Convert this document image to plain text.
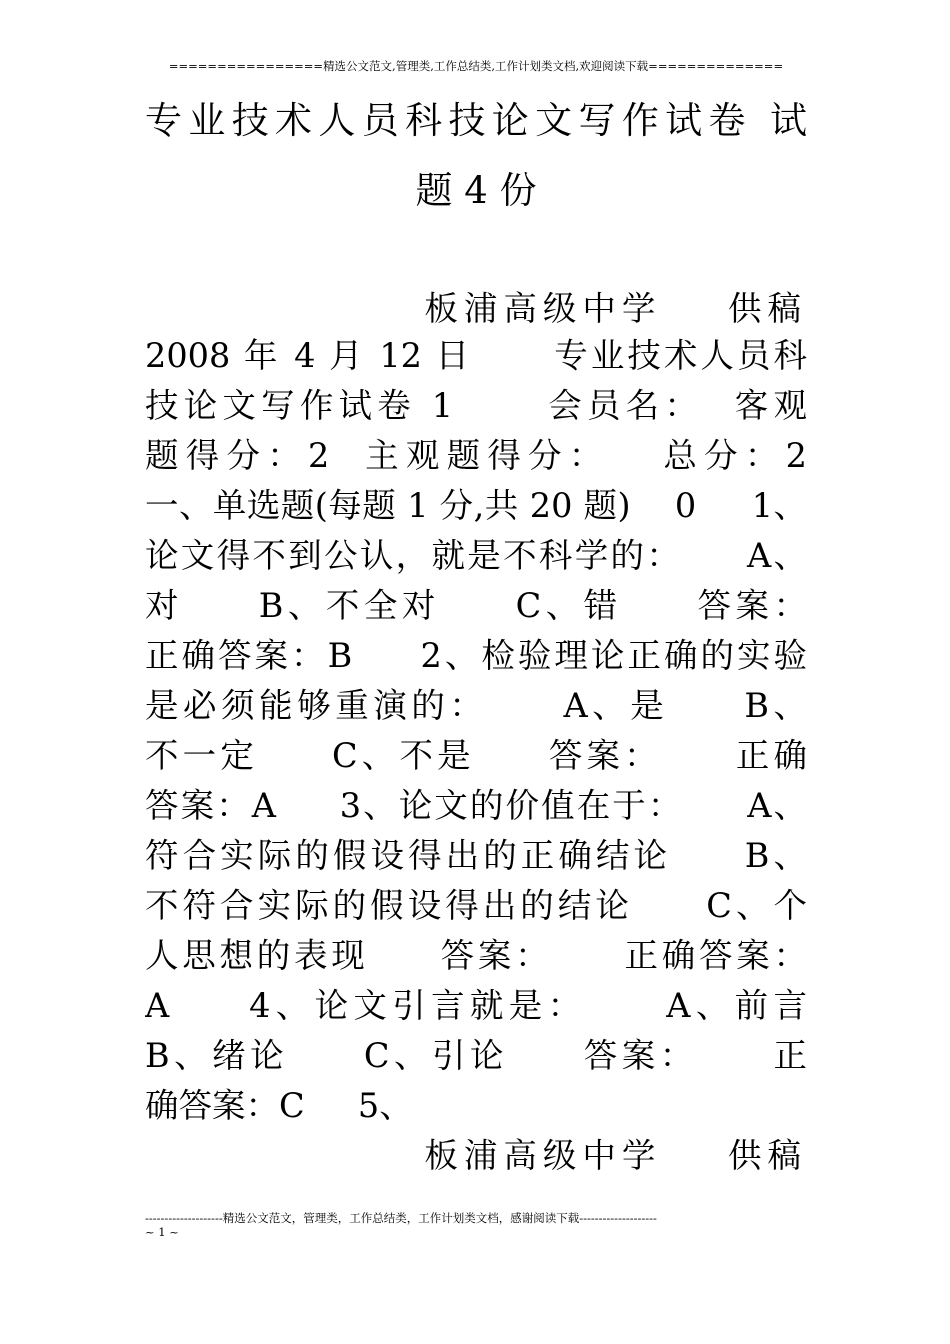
================精选公文范文,管理类,工作总结类,工作计划类文档,欢迎阅读下载==============
专业技术人员科技论文写作试卷 试
题 4 份
板浦高级中学    供稿
2008 年 4 月 12 日      专业技术人员科
技论文写作试卷 1      会员名：  客观
题得分：2  主观题得分：   总分：2
一、单选题(每题 1 分,共 20 题)    0     1、
论文得不到公认，就是不科学的：     A、
对     B、不全对     C、错     答案：
正确答案：B     2、检验理论正确的实验
是必须能够重演的：     A、是     B、
不一定     C、不是     答案：     正确
答案：A     3、论文的价值在于：     A、
符合实际的假设得出的正确结论     B、
不符合实际的假设得出的结论     C、个
人思想的表现     答案：     正确答案：
A     4、论文引言就是：     A、前言
B、绪论     C、引论     答案：     正
确答案：C     5、
板浦高级中学    供稿
--------------------精选公文范文，管理类，工作总结类，工作计划类文档，感谢阅读下载--------------------
~ 1 ~
